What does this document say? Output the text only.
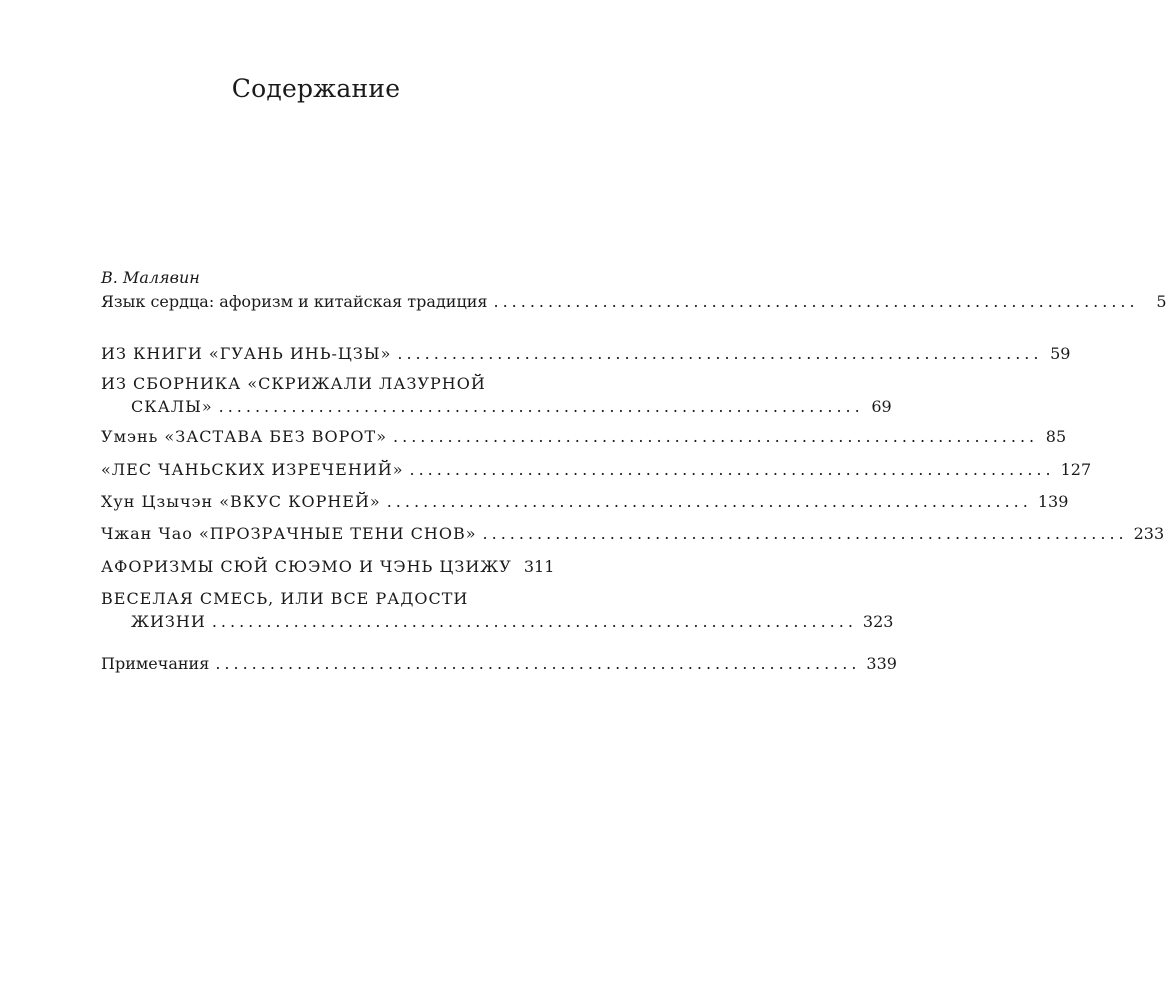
Содержание
В. Малявин
Язык сердца: афоризм и китайская традиция .......................................................................	5
ИЗ КНИГИ «ГУАНЬ ИНЬ-ЦЗЫ» ....................................................................... 59
ИЗ СБОРНИКА «СКРИЖАЛИ ЛАЗУРНОЙ
СКАЛЫ» ....................................................................... 69
Умэнь «ЗАСТАВА БЕЗ ВОРОТ» ....................................................................... 85
«ЛЕС ЧАНЬСКИХ ИЗРЕЧЕНИЙ» ....................................................................... 127
Хун Цзычэн «ВКУС КОРНЕЙ» ....................................................................... 139
Чжан Чао «ПРОЗРАЧНЫЕ ТЕНИ СНОВ» ....................................................................... 233
АФОРИЗМЫ СЮЙ СЮЭМО И ЧЭНЬ ЦЗИЖУ 311
ВЕСЕЛАЯ СМЕСЬ, ИЛИ ВСЕ РАДОСТИ
ЖИЗНИ ....................................................................... 323
Примечания ....................................................................... 339
